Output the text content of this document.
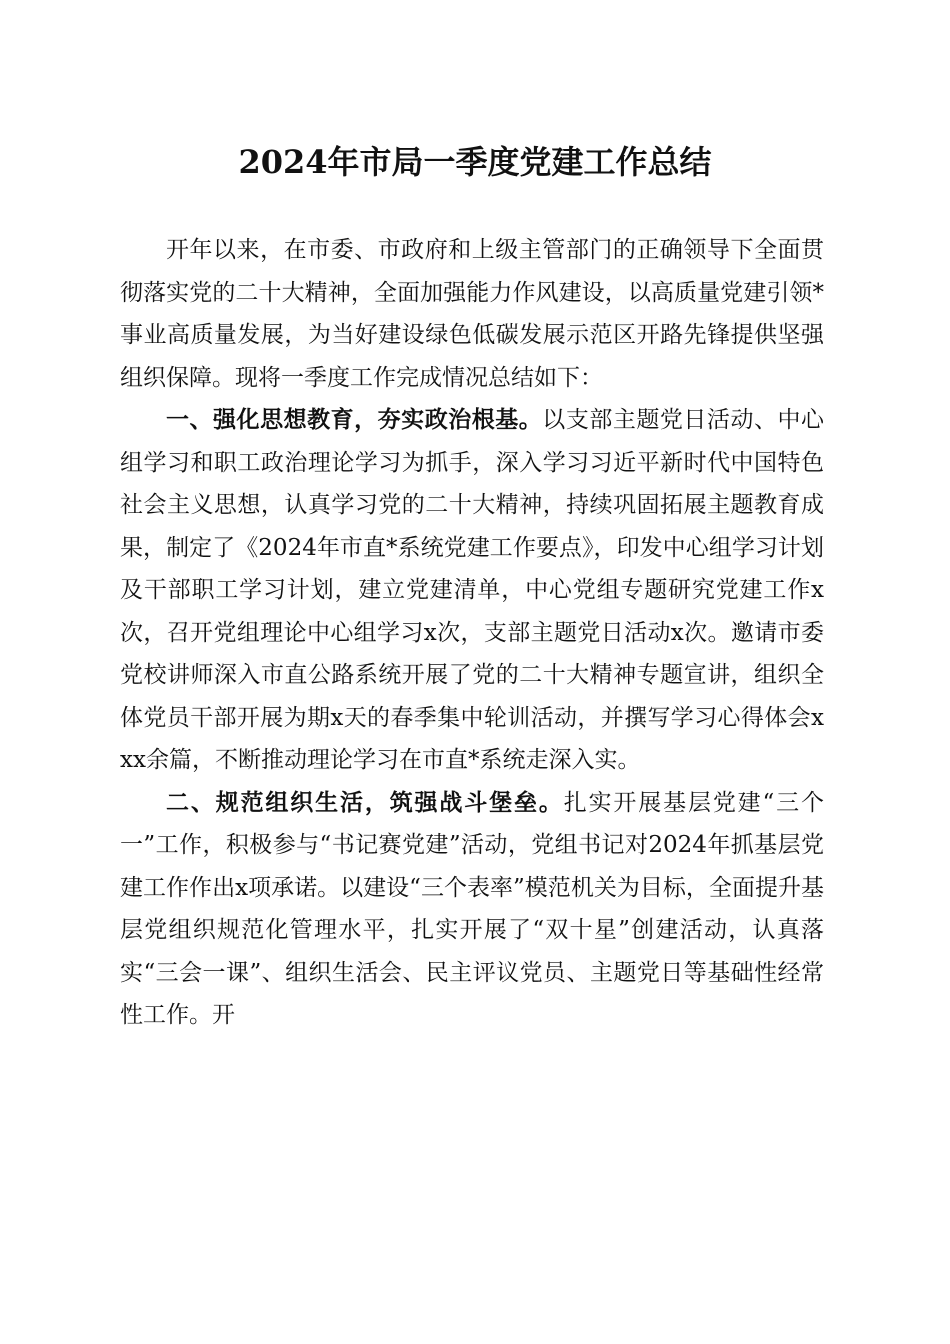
2024年市局一季度党建工作总结

开年以来，在市委、市政府和上级主管部门的正确领导下全面贯彻落实党的二十大精神，全面加强能力作风建设，以高质量党建引领*事业高质量发展，为当好建设绿色低碳发展示范区开路先锋提供坚强组织保障。现将一季度工作完成情况总结如下：

一、强化思想教育，夯实政治根基。以支部主题党日活动、中心组学习和职工政治理论学习为抓手，深入学习习近平新时代中国特色社会主义思想，认真学习党的二十大精神，持续巩固拓展主题教育成果，制定了《2024年市直*系统党建工作要点》，印发中心组学习计划及干部职工学习计划，建立党建清单，中心党组专题研究党建工作x次，召开党组理论中心组学习x次，支部主题党日活动x次。邀请市委党校讲师深入市直公路系统开展了党的二十大精神专题宣讲，组织全体党员干部开展为期x天的春季集中轮训活动，并撰写学习心得体会xxx余篇，不断推动理论学习在市直*系统走深入实。

二、规范组织生活，筑强战斗堡垒。扎实开展基层党建“三个一”工作，积极参与“书记赛党建”活动，党组书记对2024年抓基层党建工作作出x项承诺。以建设“三个表率”模范机关为目标，全面提升基层党组织规范化管理水平，扎实开展了“双十星”创建活动，认真落实“三会一课”、组织生活会、民主评议党员、主题党日等基础性经常性工作。开
